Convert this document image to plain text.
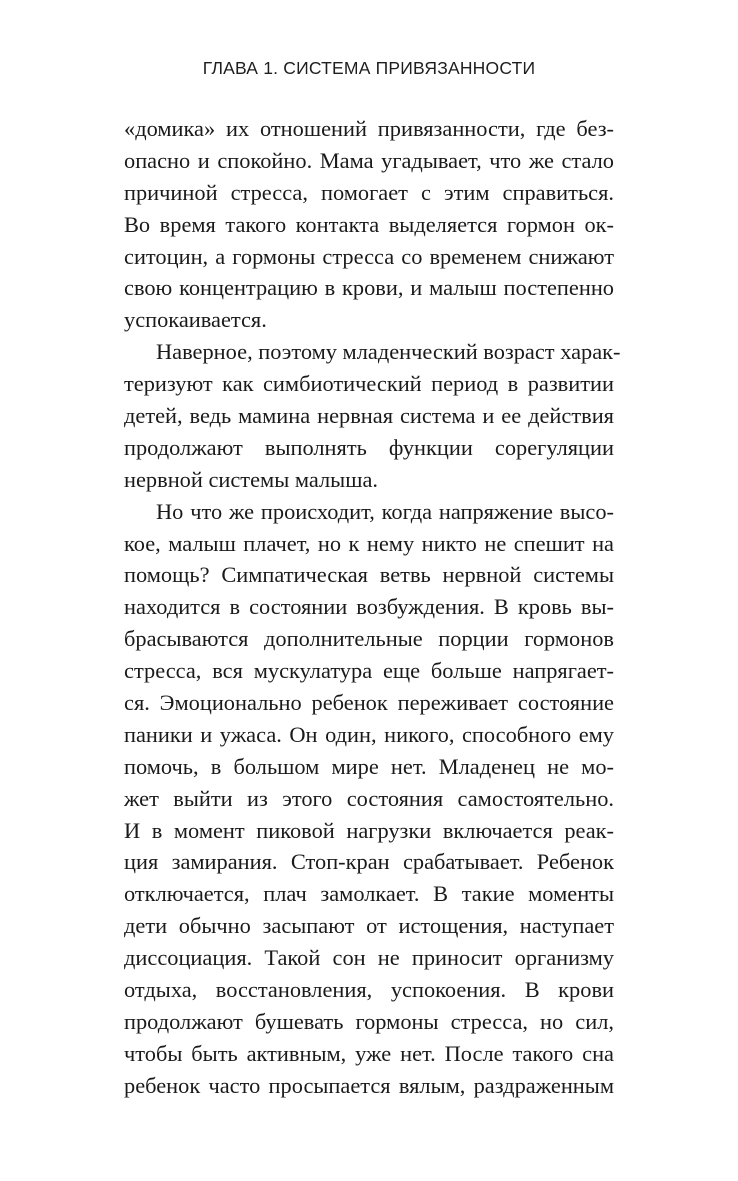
ГЛАВА 1. СИСТЕМА ПРИВЯЗАННОСТИ
«домика» их отношений привязанности, где без-
опасно и спокойно. Мама угадывает, что же стало
причиной стресса, помогает с этим справиться.
Во время такого контакта выделяется гормон ок-
ситоцин, а гормоны стресса со временем снижают
свою концентрацию в крови, и малыш постепенно
успокаивается.
Наверное, поэтому младенческий возраст харак-
теризуют как симбиотический период в развитии
детей, ведь мамина нервная система и ее действия
продолжают выполнять функции сорегуляции
нервной системы малыша.
Но что же происходит, когда напряжение высо-
кое, малыш плачет, но к нему никто не спешит на
помощь? Симпатическая ветвь нервной системы
находится в состоянии возбуждения. В кровь вы-
брасываются дополнительные порции гормонов
стресса, вся мускулатура еще больше напрягает-
ся. Эмоционально ребенок переживает состояние
паники и ужаса. Он один, никого, способного ему
помочь, в большом мире нет. Младенец не мо-
жет выйти из этого состояния самостоятельно.
И в момент пиковой нагрузки включается реак-
ция замирания. Стоп-кран срабатывает. Ребенок
отключается, плач замолкает. В такие моменты
дети обычно засыпают от истощения, наступает
диссоциация. Такой сон не приносит организму
отдыха, восстановления, успокоения. В крови
продолжают бушевать гормоны стресса, но сил,
чтобы быть активным, уже нет. После такого сна
ребенок часто просыпается вялым, раздраженным
